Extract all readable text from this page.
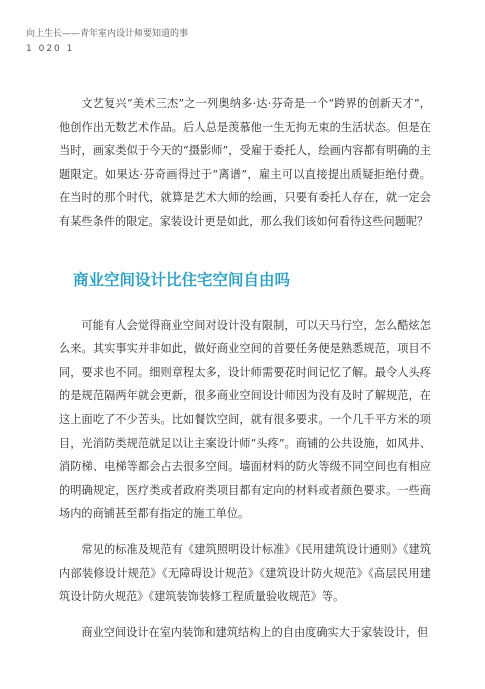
向上生长——青年室内设计师要知道的事
1 020 1

文艺复兴“美术三杰”之一列奥纳多·达·芬奇是一个“跨界的创新天才”，他创作出无数艺术作品。后人总是羡慕他一生无拘无束的生活状态。但是在当时，画家类似于今天的“摄影师”，受雇于委托人，绘画内容都有明确的主题限定。如果达·芬奇画得过于“离谱”，雇主可以直接提出质疑拒绝付费。在当时的那个时代，就算是艺术大师的绘画，只要有委托人存在，就一定会有某些条件的限定。家装设计更是如此，那么我们该如何看待这些问题呢？

商业空间设计比住宅空间自由吗

可能有人会觉得商业空间对设计没有限制，可以天马行空，怎么酷炫怎么来。其实事实并非如此，做好商业空间的首要任务便是熟悉规范，项目不同，要求也不同。细则章程太多，设计师需要花时间记忆了解。最令人头疼的是规范隔两年就会更新，很多商业空间设计师因为没有及时了解规范，在这上面吃了不少苦头。比如餐饮空间，就有很多要求。一个几千平方米的项目，光消防类规范就足以让主案设计师“头疼”。商铺的公共设施，如风井、消防梯、电梯等都会占去很多空间。墙面材料的防火等级不同空间也有相应的明确规定，医疗类或者政府类项目都有定向的材料或者颜色要求。一些商场内的商铺甚至都有指定的施工单位。

常见的标准及规范有《建筑照明设计标准》《民用建筑设计通则》《建筑内部装修设计规范》《无障碍设计规范》《建筑设计防火规范》《高层民用建筑设计防火规范》《建筑装饰装修工程质量验收规范》等。

商业空间设计在室内装饰和建筑结构上的自由度确实大于家装设计，但
